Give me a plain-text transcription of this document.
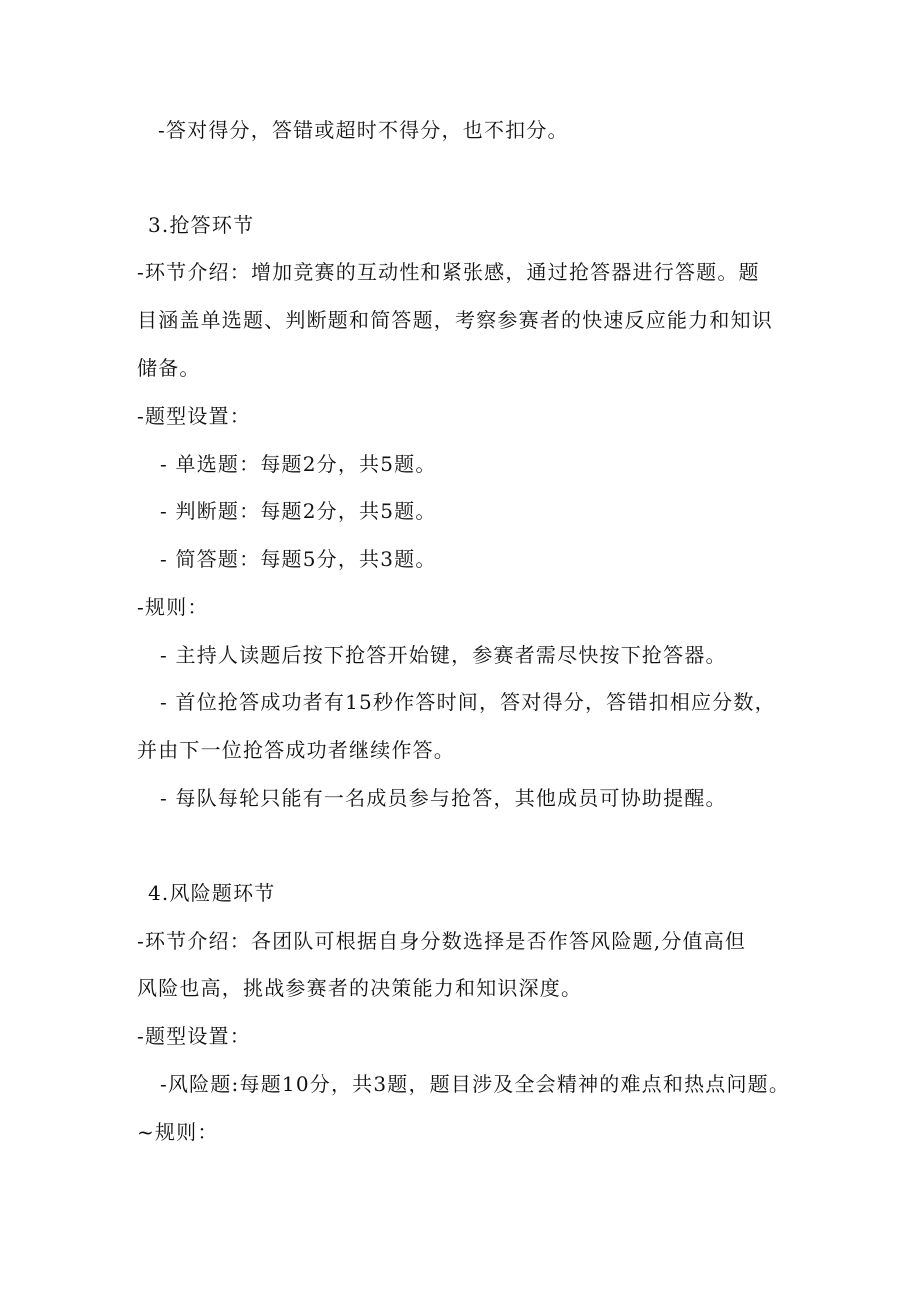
-答对得分，答错或超时不得分，也不扣分。
3.抢答环节
-环节介绍：增加竞赛的互动性和紧张感，通过抢答器进行答题。题
目涵盖单选题、判断题和简答题，考察参赛者的快速反应能力和知识
储备。
-题型设置：
- 单选题：每题2分，共5题。
- 判断题：每题2分，共5题。
- 简答题：每题5分，共3题。
-规则：
- 主持人读题后按下抢答开始键，参赛者需尽快按下抢答器。
- 首位抢答成功者有15秒作答时间，答对得分，答错扣相应分数，
并由下一位抢答成功者继续作答。
- 每队每轮只能有一名成员参与抢答，其他成员可协助提醒。
4.风险题环节
-环节介绍：各团队可根据自身分数选择是否作答风险题,分值高但
风险也高，挑战参赛者的决策能力和知识深度。
-题型设置：
-风险题:每题10分，共3题，题目涉及全会精神的难点和热点问题。
~规则：
